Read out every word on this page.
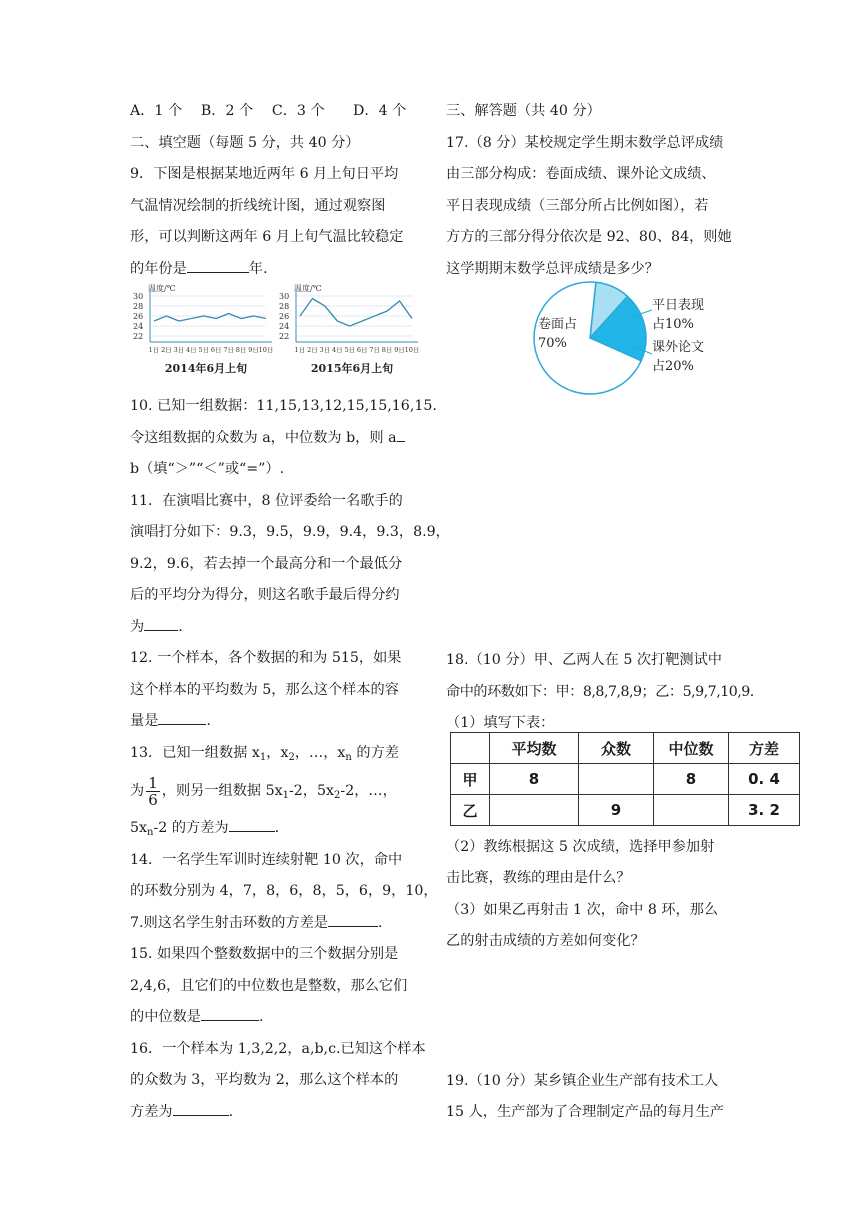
A．1 个　 B．2 个　 C．3 个　　D．4 个
二、填空题（每题 5 分，共 40 分）
9．下图是根据某地近两年 6 月上旬日平均
气温情况绘制的折线统计图，通过观察图
形，可以判断这两年 6 月上旬气温比较稳定
的年份是	年.
10. 已知一组数据：11,15,13,12,15,15,16,15.
令这组数据的众数为 a，中位数为 b，则 a
b（填“＞”“＜”或“=”）.
11．在演唱比赛中，8 位评委给一名歌手的
演唱打分如下：9.3，9.5，9.9，9.4，9.3，8.9，
9.2，9.6，若去掉一个最高分和一个最低分
后的平均分为得分，则这名歌手最后得分约
为 .
12. 一个样本，各个数据的和为 515，如果
这个样本的平均数为 5，那么这个样本的容
量是	.
13．已知一组数据 $x_1$，$x_2$，…，$x_n$ 的方差
为 $\frac{1}{6}$ ，则另一组数据 $5x_1-2$，$5x_2-2$，…，
$5x_n-2$ 的方差为	.
14．一名学生军训时连续射靶 10 次，命中
的环数分别为 4，7，8，6，8，5，6，9，10，
7.则这名学生射击环数的方差是	.
15. 如果四个整数数据中的三个数据分别是
2,4,6，且它们的中位数也是整数，那么它们
的中位数是	.
16．一个样本为 1,3,2,2，a,b,c.已知这个样本
的众数为 3，平均数为 2，那么这个样本的
方差为	.
温度/℃
30
28
26
24
22
1日 2日 3日 4日 5日 6日 7日 8日 9日 10日
2014年6月上旬
温度/℃
30
28
26
24
22
1日 2日 3日 4日 5日 6日 7日 8日 9日 10日
2015年6月上旬
三、解答题（共 40 分）
17.（8 分）某校规定学生期末数学总评成绩
由三部分构成：卷面成绩、课外论文成绩、
平日表现成绩（三部分所占比例如图），若
方方的三部分得分依次是 92、80、84，则她
这学期期末数学总评成绩是多少？
18.（10 分）甲、乙两人在 5 次打靶测试中
命中的环数如下：甲：8,8,7,8,9；乙：5,9,7,10,9.
（1）填写下表：
（2）教练根据这 5 次成绩，选择甲参加射
击比赛，教练的理由是什么？
（3）如果乙再射击 1 次，命中 8 环，那么
乙的射击成绩的方差如何变化？
19.（10 分）某乡镇企业生产部有技术工人
15 人，生产部为了合理制定产品的每月生产
卷面占
70%
平日表现
占10%
课外论文
占20%
	平均数	众数	中位数	方差
甲	8		8	0. 4
乙		9		3. 2
